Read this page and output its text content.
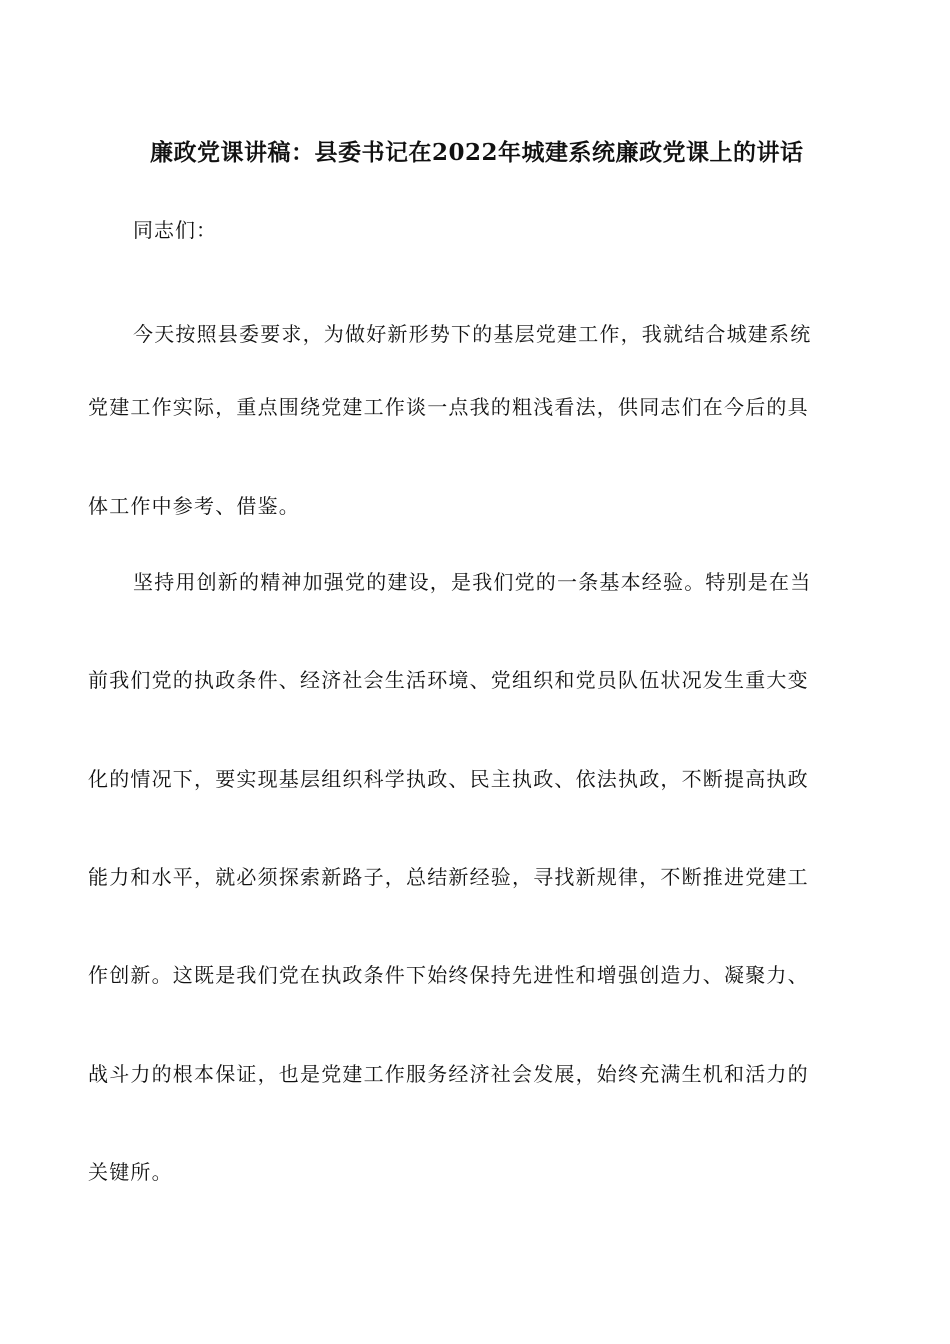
廉政党课讲稿：县委书记在2022年城建系统廉政党课上的讲话
同志们：
今天按照县委要求，为做好新形势下的基层党建工作，我就结合城建系统
党建工作实际，重点围绕党建工作谈一点我的粗浅看法，供同志们在今后的具
体工作中参考、借鉴。
坚持用创新的精神加强党的建设，是我们党的一条基本经验。特别是在当
前我们党的执政条件、经济社会生活环境、党组织和党员队伍状况发生重大变
化的情况下，要实现基层组织科学执政、民主执政、依法执政，不断提高执政
能力和水平，就必须探索新路子，总结新经验，寻找新规律，不断推进党建工
作创新。这既是我们党在执政条件下始终保持先进性和增强创造力、凝聚力、
战斗力的根本保证，也是党建工作服务经济社会发展，始终充满生机和活力的
关键所。
